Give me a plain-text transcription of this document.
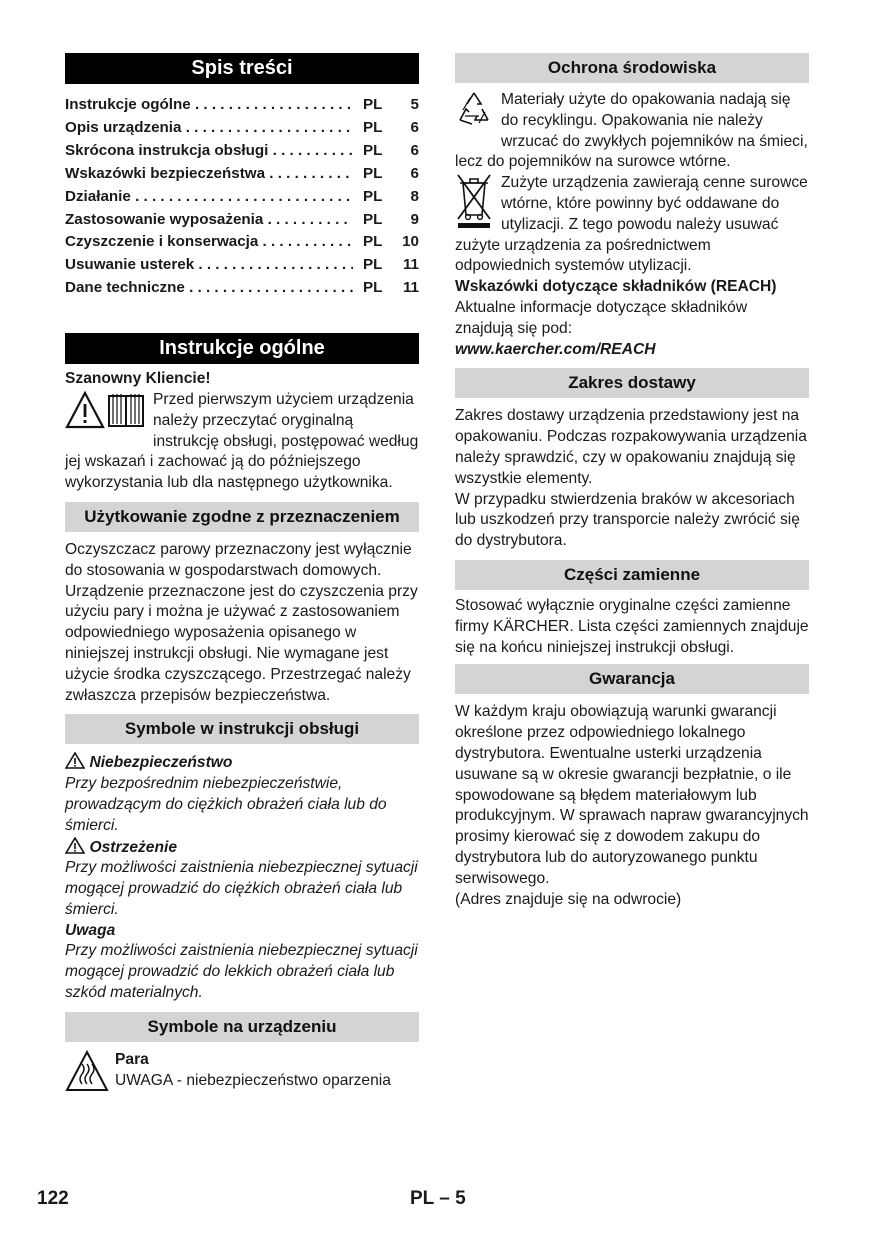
Spis treści
Instrukcje ogólne . . .	PL	5
Opis urządzenia . . .	PL	6
Skrócona instrukcja obsługi . . .	PL	6
Wskazówki bezpieczeństwa . . .	PL	6
Działanie . . .	PL	8
Zastosowanie wyposażenia . . .	PL	9
Czyszczenie i konserwacja . . .	PL	10
Usuwanie usterek . . .	PL	11
Dane techniczne . . .	PL	11
Instrukcje ogólne

Szanowny Kliencie!

Przed pierwszym użyciem urządzenia należy przeczytać oryginalną instrukcję obsługi, postępować według jej wskazań i zachować ją do późniejszego wykorzystania lub dla następnego użytkownika.

Użytkowanie zgodne z przeznaczeniem

Oczyszczacz parowy przeznaczony jest wyłącznie do stosowania w gospodarstwach domowych.

Urządzenie przeznaczone jest do czyszczenia przy użyciu pary i można je używać z zastosowaniem odpowiedniego wyposażenia opisanego w niniejszej instrukcji obsługi. Nie wymagane jest użycie środka czyszczącego. Przestrzegać należy zwłaszcza przepisów bezpieczeństwa.

Symbole w instrukcji obsługi
Niebezpieczeństwo

Przy bezpośrednim niebezpieczeństwie, prowadzącym do ciężkich obrażeń ciała lub do śmierci.

Ostrzeżenie

Przy możliwości zaistnienia niebezpiecznej sytuacji mogącej prowadzić do ciężkich obrażeń ciała lub śmierci.

Uwaga

Przy możliwości zaistnienia niebezpiecznej sytuacji mogącej prowadzić do lekkich obrażeń ciała lub szkód materialnych.

Symbole na urządzeniu

Para

UWAGA - niebezpieczeństwo oparzenia

Ochrona środowiska

Materiały użyte do opakowania nadają się do recyklingu. Opakowania nie należy wrzucać do zwykłych pojemników na śmieci, lecz do pojemników na surowce wtórne.

Zużyte urządzenia zawierają cenne surowce wtórne, które powinny być oddawane do utylizacji. Z tego powodu należy usuwać zużyte urządzenia za pośrednictwem odpowiednich systemów utylizacji.

Wskazówki dotyczące składników (REACH)

Aktualne informacje dotyczące składników znajdują się pod:

www.kaercher.com/REACH

Zakres dostawy

Zakres dostawy urządzenia przedstawiony jest na opakowaniu. Podczas rozpakowywania urządzenia należy sprawdzić, czy w opakowaniu znajdują się wszystkie elementy.

W przypadku stwierdzenia braków w akcesoriach lub uszkodzeń przy transporcie należy zwrócić się do dystrybutora.

Części zamienne

Stosować wyłącznie oryginalne części zamienne firmy KÄRCHER. Lista części zamiennych znajduje się na końcu niniejszej instrukcji obsługi.

Gwarancja

W każdym kraju obowiązują warunki gwarancji określone przez odpowiedniego lokalnego dystrybutora. Ewentualne usterki urządzenia usuwane są w okresie gwarancji bezpłatnie, o ile spowodowane są błędem materiałowym lub produkcyjnym. W sprawach napraw gwarancyjnych prosimy kierować się z dowodem zakupu do dystrybutora lub do autoryzowanego punktu serwisowego.

(Adres znajduje się na odwrocie)

122	PL – 5
